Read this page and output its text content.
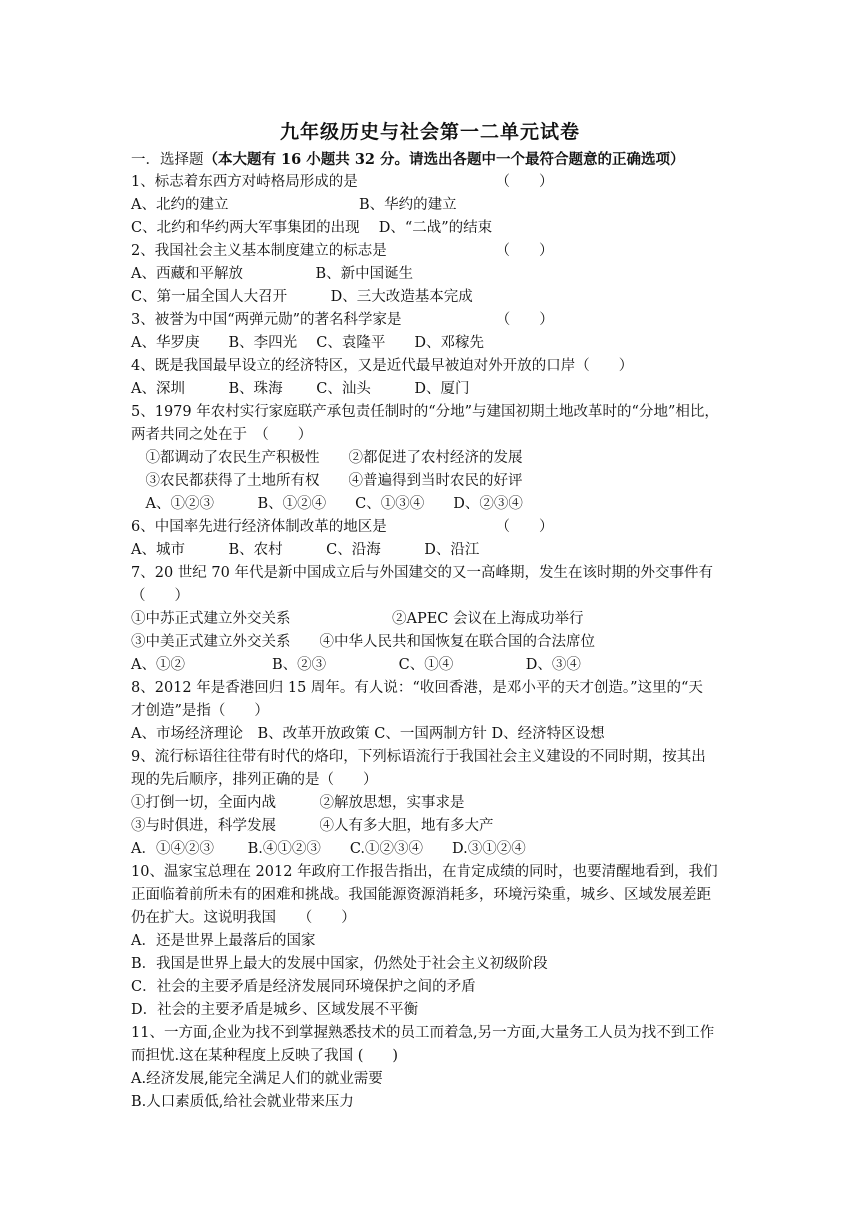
九年级历史与社会第一二单元试卷
一．选择题（本大题有 16 小题共 32 分。请选出各题中一个最符合题意的正确选项）
1、标志着东西方对峙格局形成的是　　　　　　　　　　（　　）
A、北约的建立　　　　　　　　　B、华约的建立
C、北约和华约两大军事集团的出现　 D、“二战”的结束
2、我国社会主义基本制度建立的标志是　　　　　　　　（　　）
A、西藏和平解放　　　　　B、新中国诞生
C、第一届全国人大召开　　　D、三大改造基本完成
3、被誉为中国“两弹元勋”的著名科学家是　　　　　　　（　　）
A、华罗庚　　B、李四光　 C、袁隆平　　D、邓稼先
4、既是我国最早设立的经济特区，又是近代最早被迫对外开放的口岸（　　）
A、深圳　　　B、珠海　　 C、汕头　　　D、厦门
5、1979 年农村实行家庭联产承包责任制时的“分地”与建国初期土地改革时的“分地”相比，
两者共同之处在于　（　　）
　①都调动了农民生产积极性　　②都促进了农村经济的发展
　③农民都获得了土地所有权　　④普遍得到当时农民的好评
　A、①②③　　　B、①②④　　C、①③④　　D、②③④
6、中国率先进行经济体制改革的地区是　　　　　　　　（　　）
A、城市　　　B、农村　　　C、沿海　　　D、沿江
7、20 世纪 70 年代是新中国成立后与外国建交的又一高峰期，发生在该时期的外交事件有
（　　）
①中苏正式建立外交关系　　　　　　　②APEC 会议在上海成功举行
③中美正式建立外交关系　　④中华人民共和国恢复在联合国的合法席位
A、①②　　　　　　B、②③　　　　　C、①④　　　　　D、③④
8、2012 年是香港回归 15 周年。有人说：“收回香港，是邓小平的天才创造。”这里的“天
才创造”是指（　　）
A、市场经济理论　B、改革开放政策 C、一国两制方针 D、经济特区设想
9、流行标语往往带有时代的烙印，下列标语流行于我国社会主义建设的不同时期，按其出
现的先后顺序，排列正确的是（　　）
①打倒一切，全面内战　　　②解放思想，实事求是
③与时俱进，科学发展　　　④人有多大胆，地有多大产
A．①④②③　　 B.④①②③　　C.①②③④　　D.③①②④
10、温家宝总理在 2012 年政府工作报告指出，在肯定成绩的同时，也要清醒地看到，我们
正面临着前所未有的困难和挑战。我国能源资源消耗多，环境污染重，城乡、区域发展差距
仍在扩大。这说明我国　　（　　）
A．还是世界上最落后的国家
B．我国是世界上最大的发展中国家，仍然处于社会主义初级阶段
C．社会的主要矛盾是经济发展同环境保护之间的矛盾
D．社会的主要矛盾是城乡、区域发展不平衡
11、一方面,企业为找不到掌握熟悉技术的员工而着急,另一方面,大量务工人员为找不到工作
而担忧.这在某种程度上反映了我国 (　　)
A.经济发展,能完全满足人们的就业需要
B.人口素质低,给社会就业带来压力
